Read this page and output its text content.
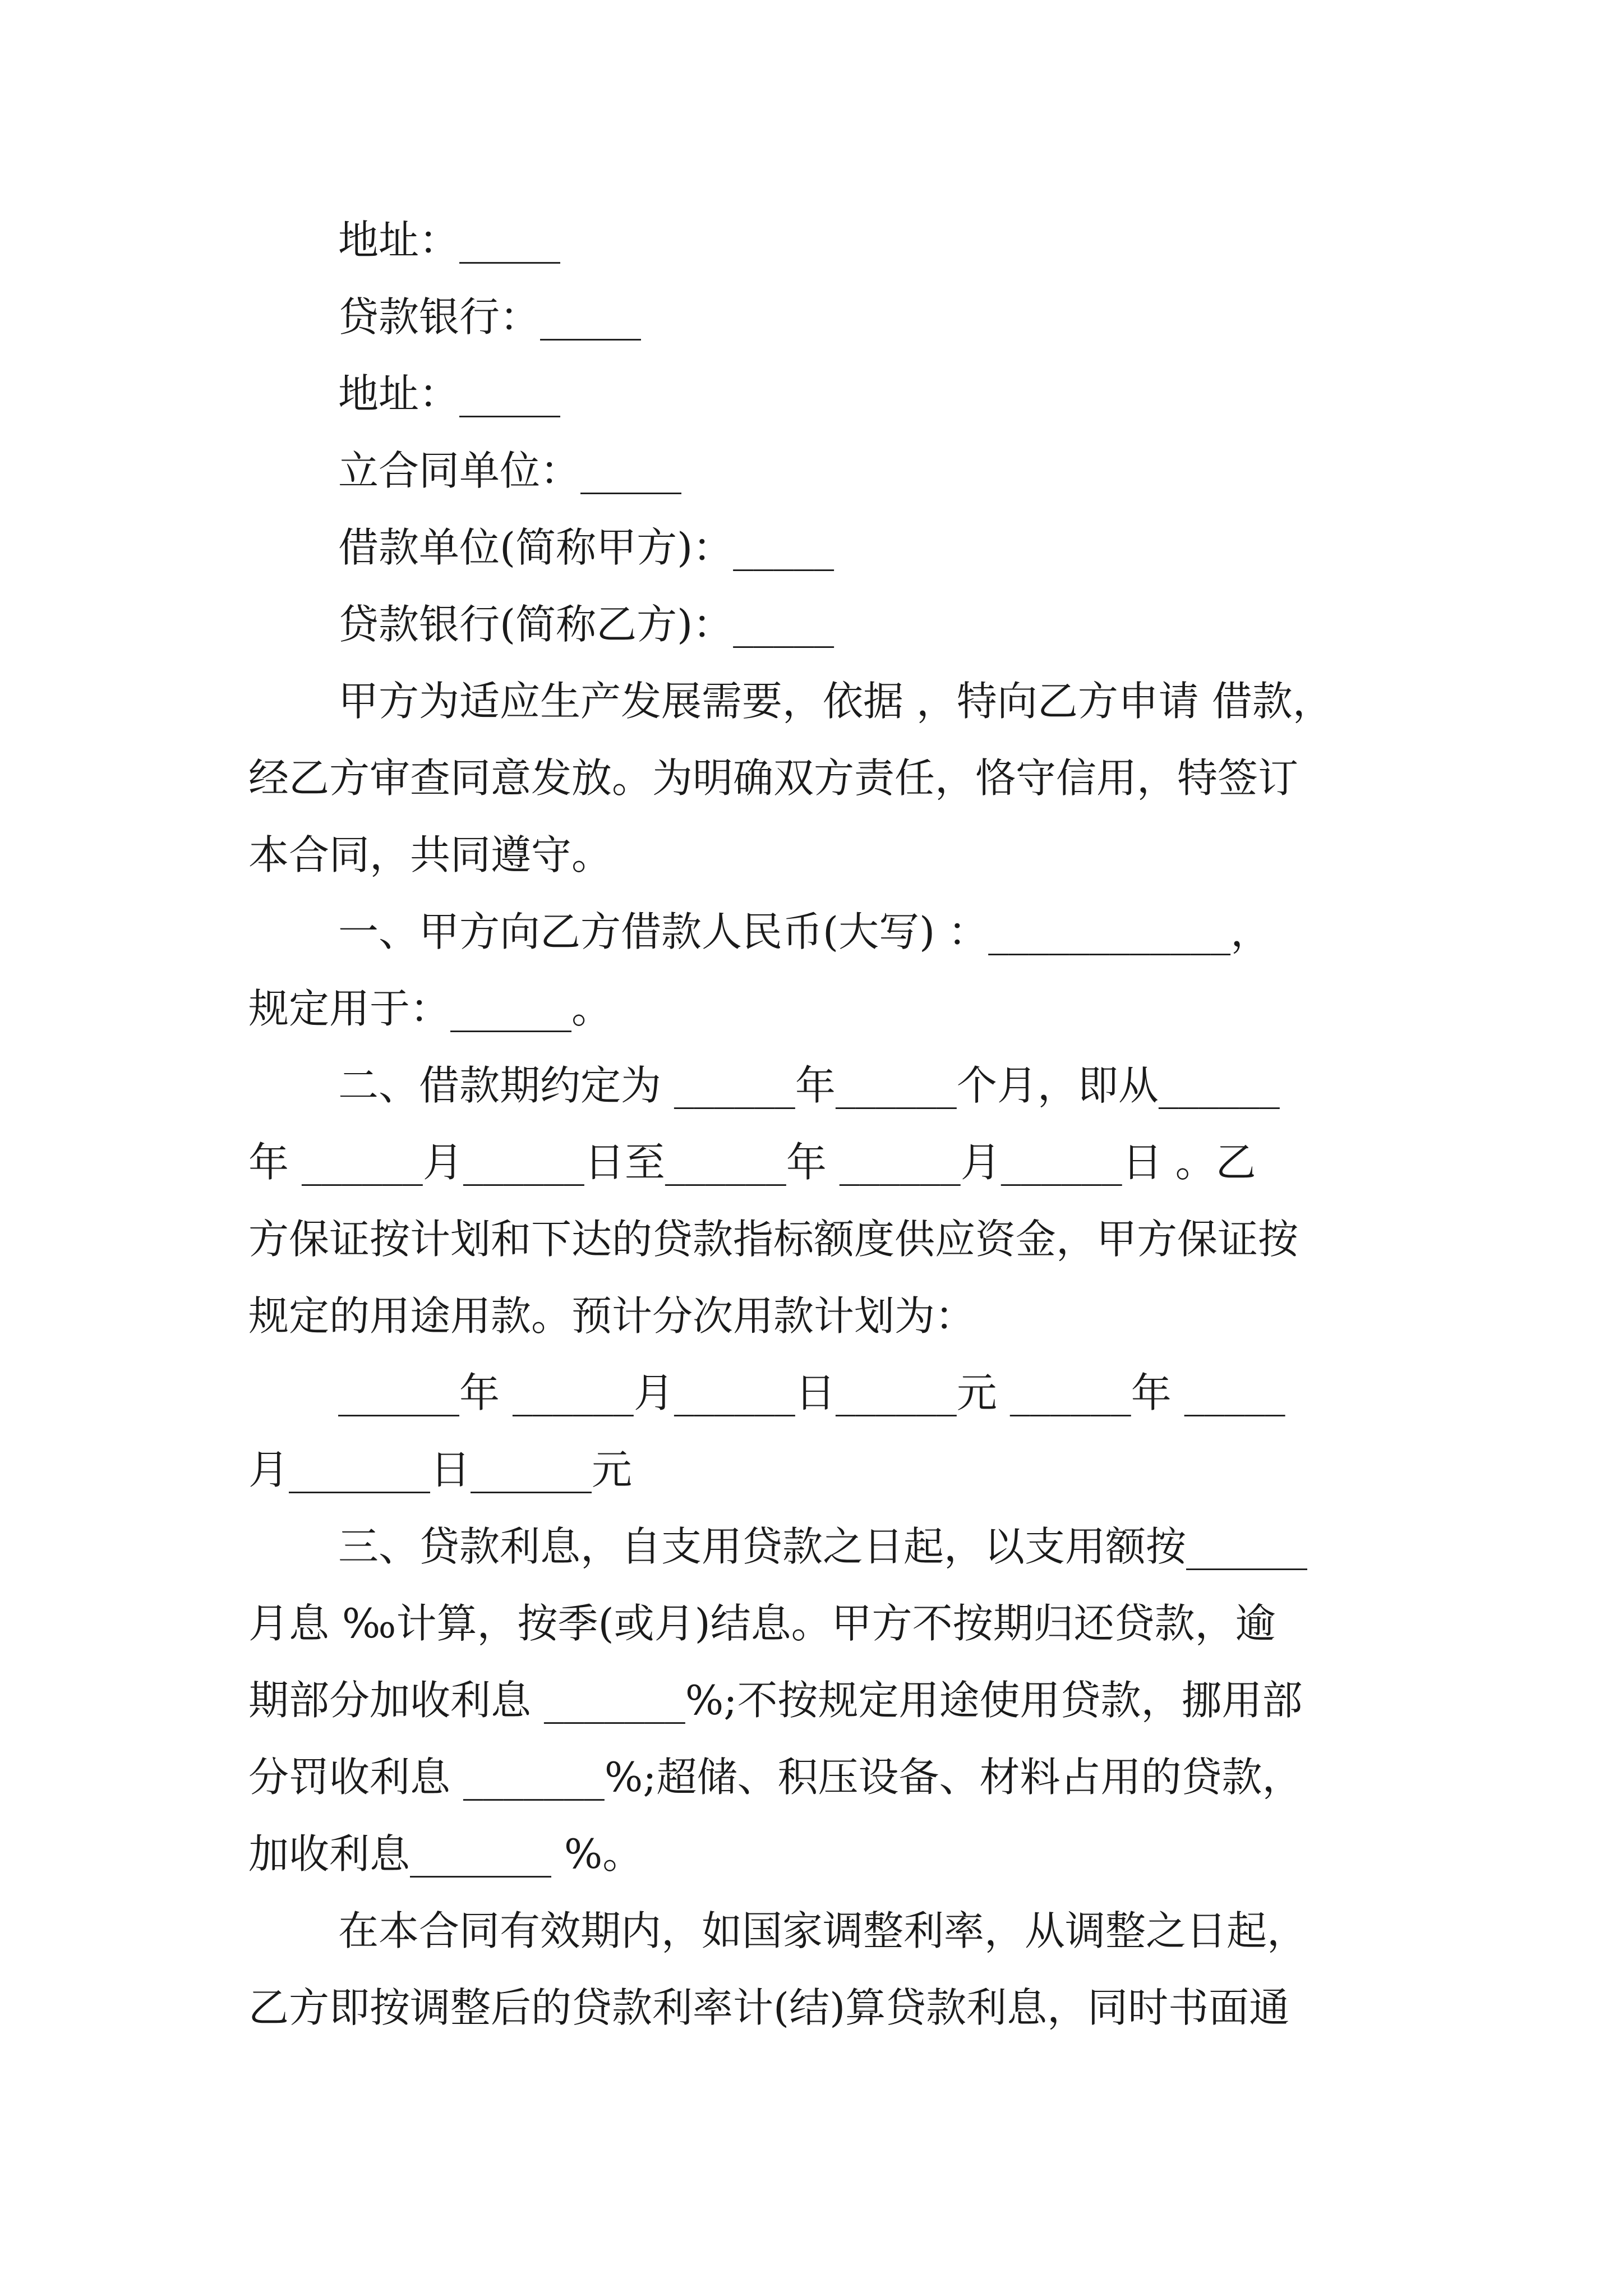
地址：_____
贷款银行：_____
地址：_____
立合同单位：_____
借款单位(简称甲方)：_____
贷款银行(简称乙方)：_____
甲方为适应生产发展需要，依据 ，特向乙方申请 借款，
经乙方审查同意发放。为明确双方责任，恪守信用，特签订
本合同，共同遵守。
一、甲方向乙方借款人民币(大写) ：____________，
规定用于：______。
二、借款期约定为 ______年______个月，即从______
年 ______月______日至______年 ______月______日 。乙
方保证按计划和下达的贷款指标额度供应资金，甲方保证按
规定的用途用款。预计分次用款计划为：
______年 ______月______日______元 ______年 _____
月_______日______元
三、贷款利息，自支用贷款之日起，以支用额按______
月息 ‰计算，按季(或月)结息。甲方不按期归还贷款，逾
期部分加收利息 _______%;不按规定用途使用贷款，挪用部
分罚收利息 _______%;超储、积压设备、材料占用的贷款，
加收利息_______ %。
在本合同有效期内，如国家调整利率，从调整之日起，
乙方即按调整后的贷款利率计(结)算贷款利息，同时书面通
